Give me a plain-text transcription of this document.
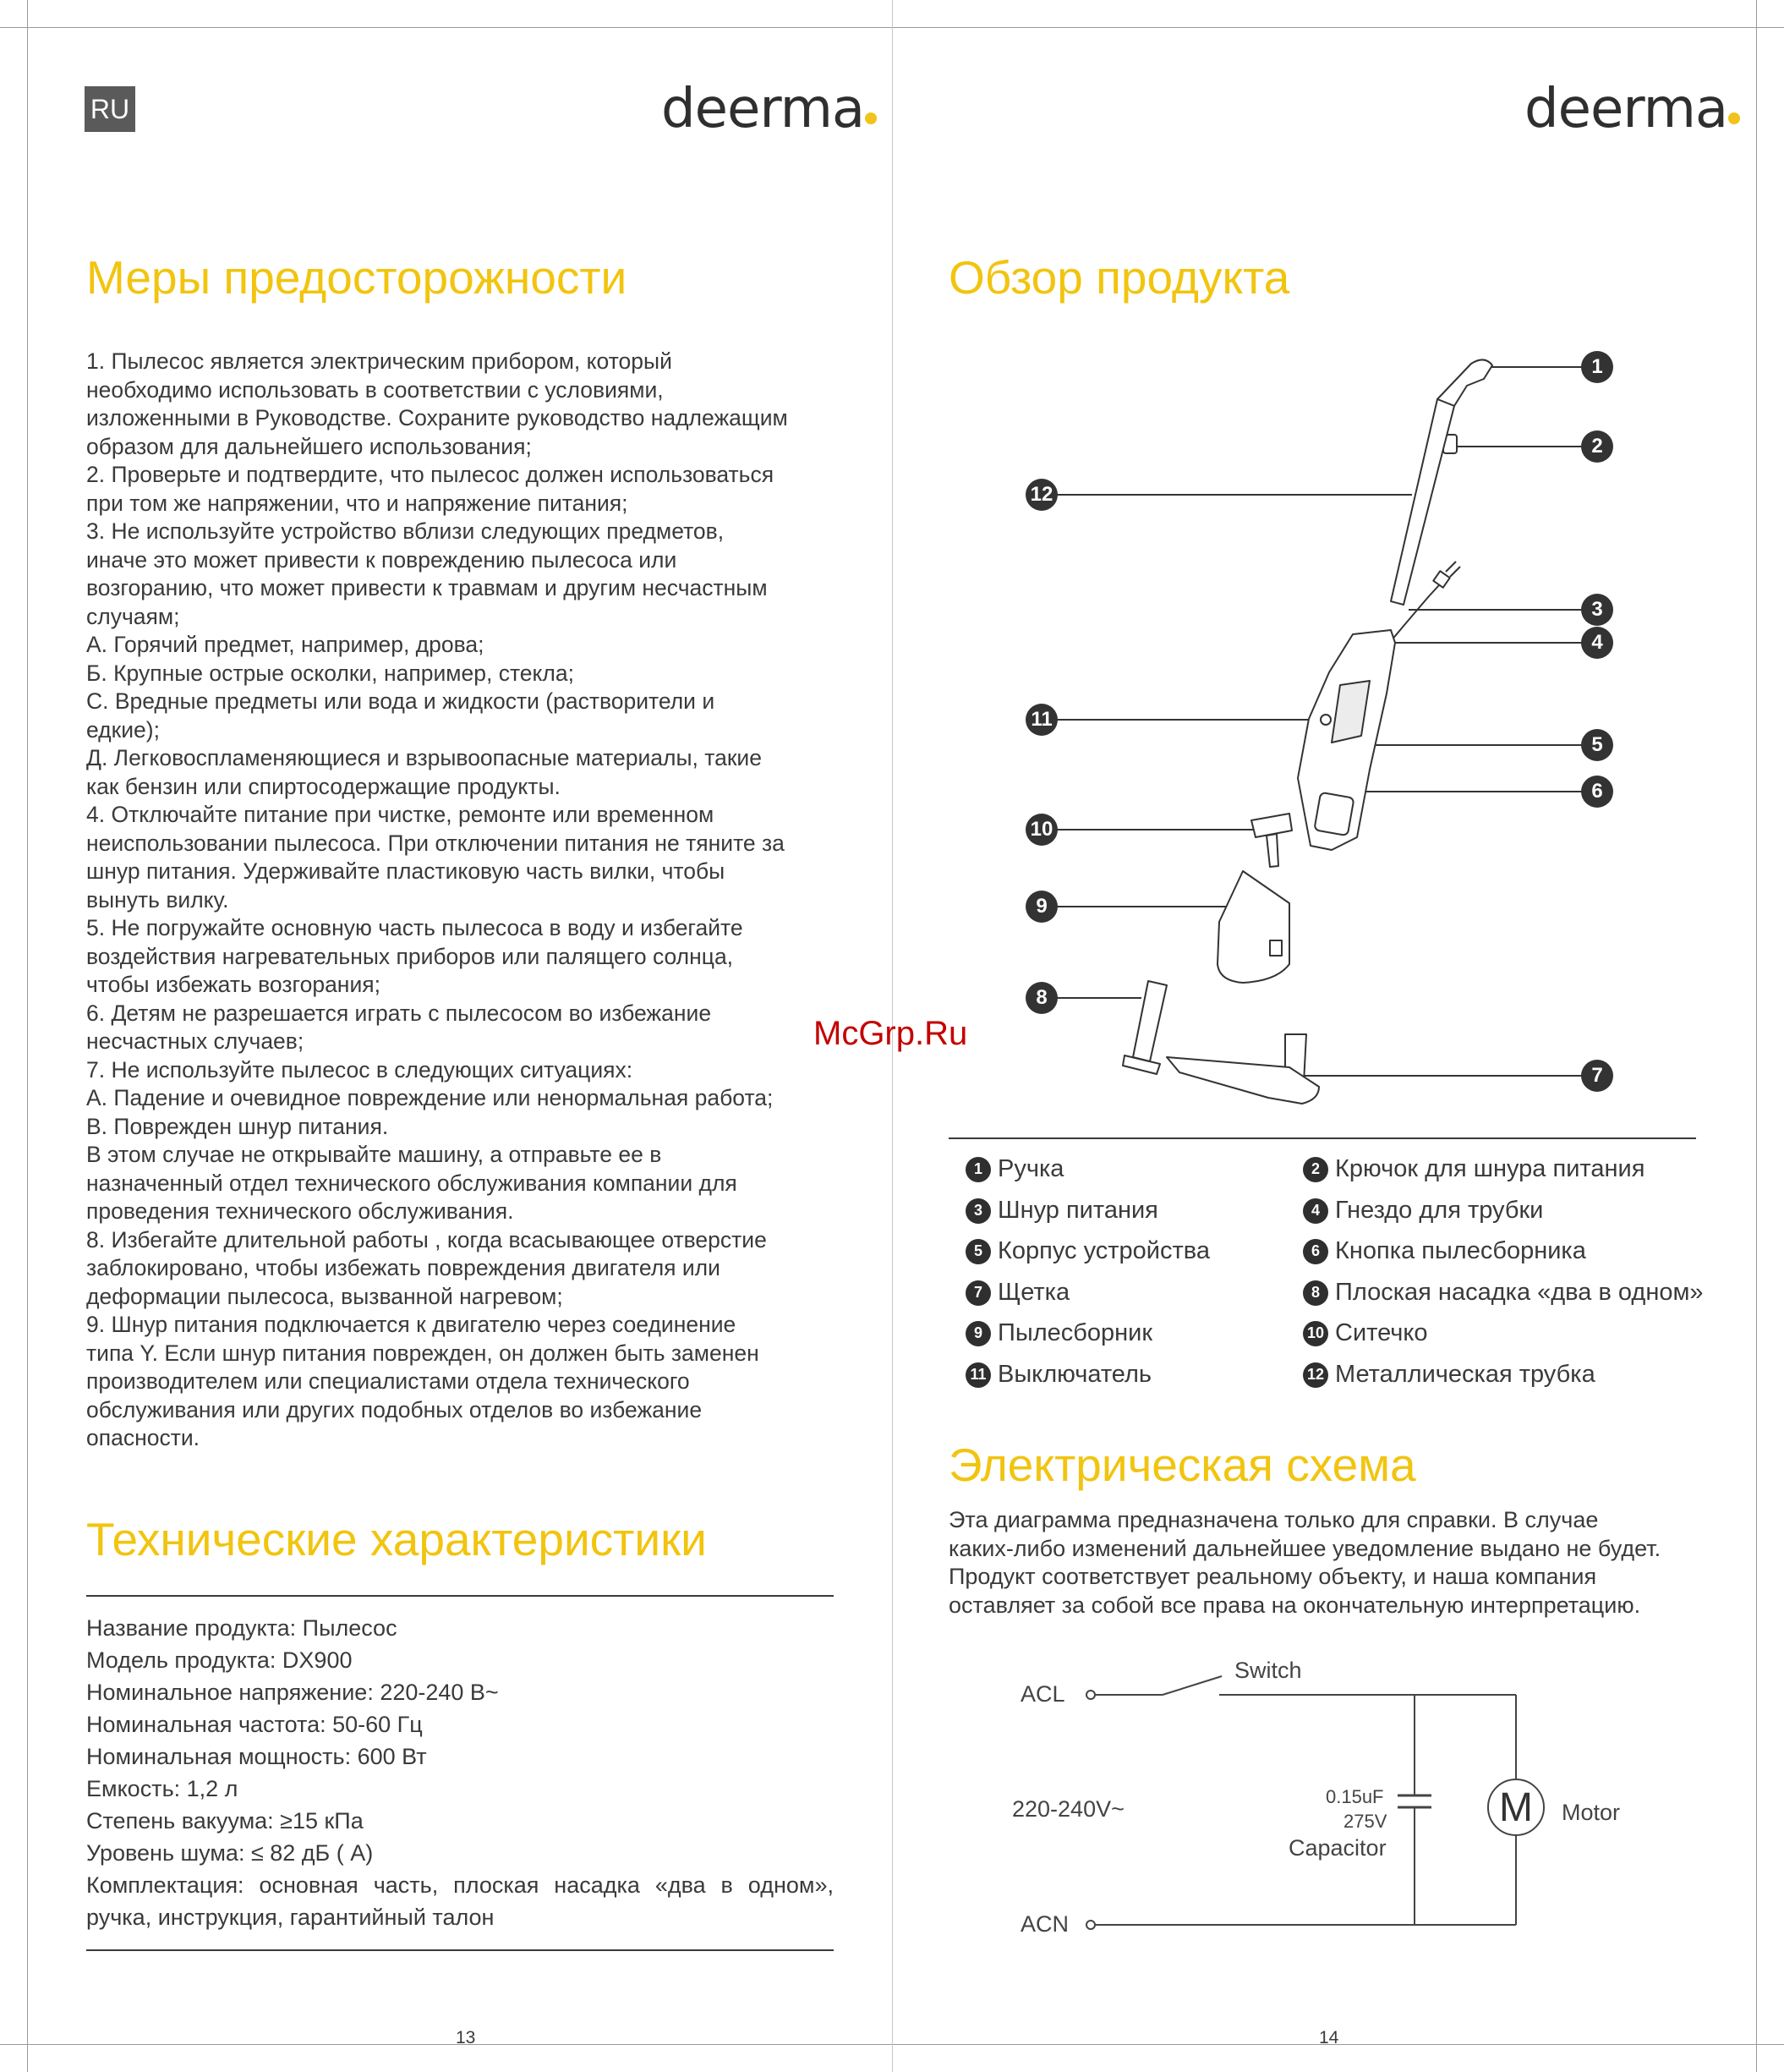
RU	deerma
Меры предосторожности

1. Пылесос является электрическим прибором, который

необходимо использовать в соответствии с условиями,

изложенными в Руководстве. Сохраните руководство надлежащим

образом для дальнейшего использования;

2. Проверьте и подтвердите, что пылесос должен использоваться

при том же напряжении, что и напряжение питания;

3. Не используйте устройство вблизи следующих предметов,

иначе это может привести к повреждению пылесоса или

возгоранию, что может привести к травмам и другим несчастным

случаям;

А. Горячий предмет, например, дрова;

Б. Крупные острые осколки, например, стекла;

С. Вредные предметы или вода и жидкости (растворители и

едкие);

Д. Легковоспламеняющиеся и взрывоопасные материалы, такие

как бензин или спиртосодержащие продукты.

4. Отключайте питание при чистке, ремонте или временном

неиспользовании пылесоса. При отключении питания не тяните за

шнур питания. Удерживайте пластиковую часть вилки, чтобы

вынуть вилку.

5. Не погружайте основную часть пылесоса в воду и избегайте

воздействия нагревательных приборов или палящего солнца,

чтобы избежать возгорания;

6. Детям не разрешается играть с пылесосом во избежание

несчастных случаев;

7. Не используйте пылесос в следующих ситуациях:

А. Падение и очевидное повреждение или ненормальная работа;

В. Поврежден шнур питания.

В этом случае не открывайте машину, а отправьте ее в

назначенный отдел технического обслуживания компании для

проведения технического обслуживания.

8. Избегайте длительной работы , когда всасывающее отверстие

заблокировано, чтобы избежать повреждения двигателя или

деформации пылесоса, вызванной нагревом;

9. Шнур питания подключается к двигателю через соединение

типа Y. Если шнур питания поврежден, он должен быть заменен

производителем или специалистами отдела технического

обслуживания или других подобных отделов во избежание

опасности.

Технические характеристики
Название продукта: Пылесос
Модель продукта: DX900
Номинальное напряжение: 220-240 В~
Номинальная частота: 50-60 Гц
Номинальная мощность: 600 Вт
Емкость: 1,2 л
Степень вакуума: ≥15 кПа
Уровень шума: ≤ 82 дБ ( А)
Комплектация: основная часть, плоская насадка «два в одном»,
ручка, инструкция, гарантийный талон
13
deerma
Обзор продукта
1
2
3
4
5
6
7
8
9
10
11
12
McGrp.Ru
1 Ручка	2 Крючок для шнура питания
3 Шнур питания	4 Гнездо для трубки
5 Корпус устройства	6 Кнопка пылесборника
7 Щетка	8 Плоская насадка «два в одном»
9 Пылесборник	10 Ситечко
11 Выключатель	12 Металлическая трубка
Электрическая схема

Эта диаграмма предназначена только для справки. В случае

каких-либо изменений дальнейшее уведомление выдано не будет.

Продукт соответствует реальному объекту, и наша компания

оставляет за собой все права на окончательную интерпретацию.

ACL
Switch
220-240V~	0.15uF
275V
Capacitor
M Motor
ACN
14
